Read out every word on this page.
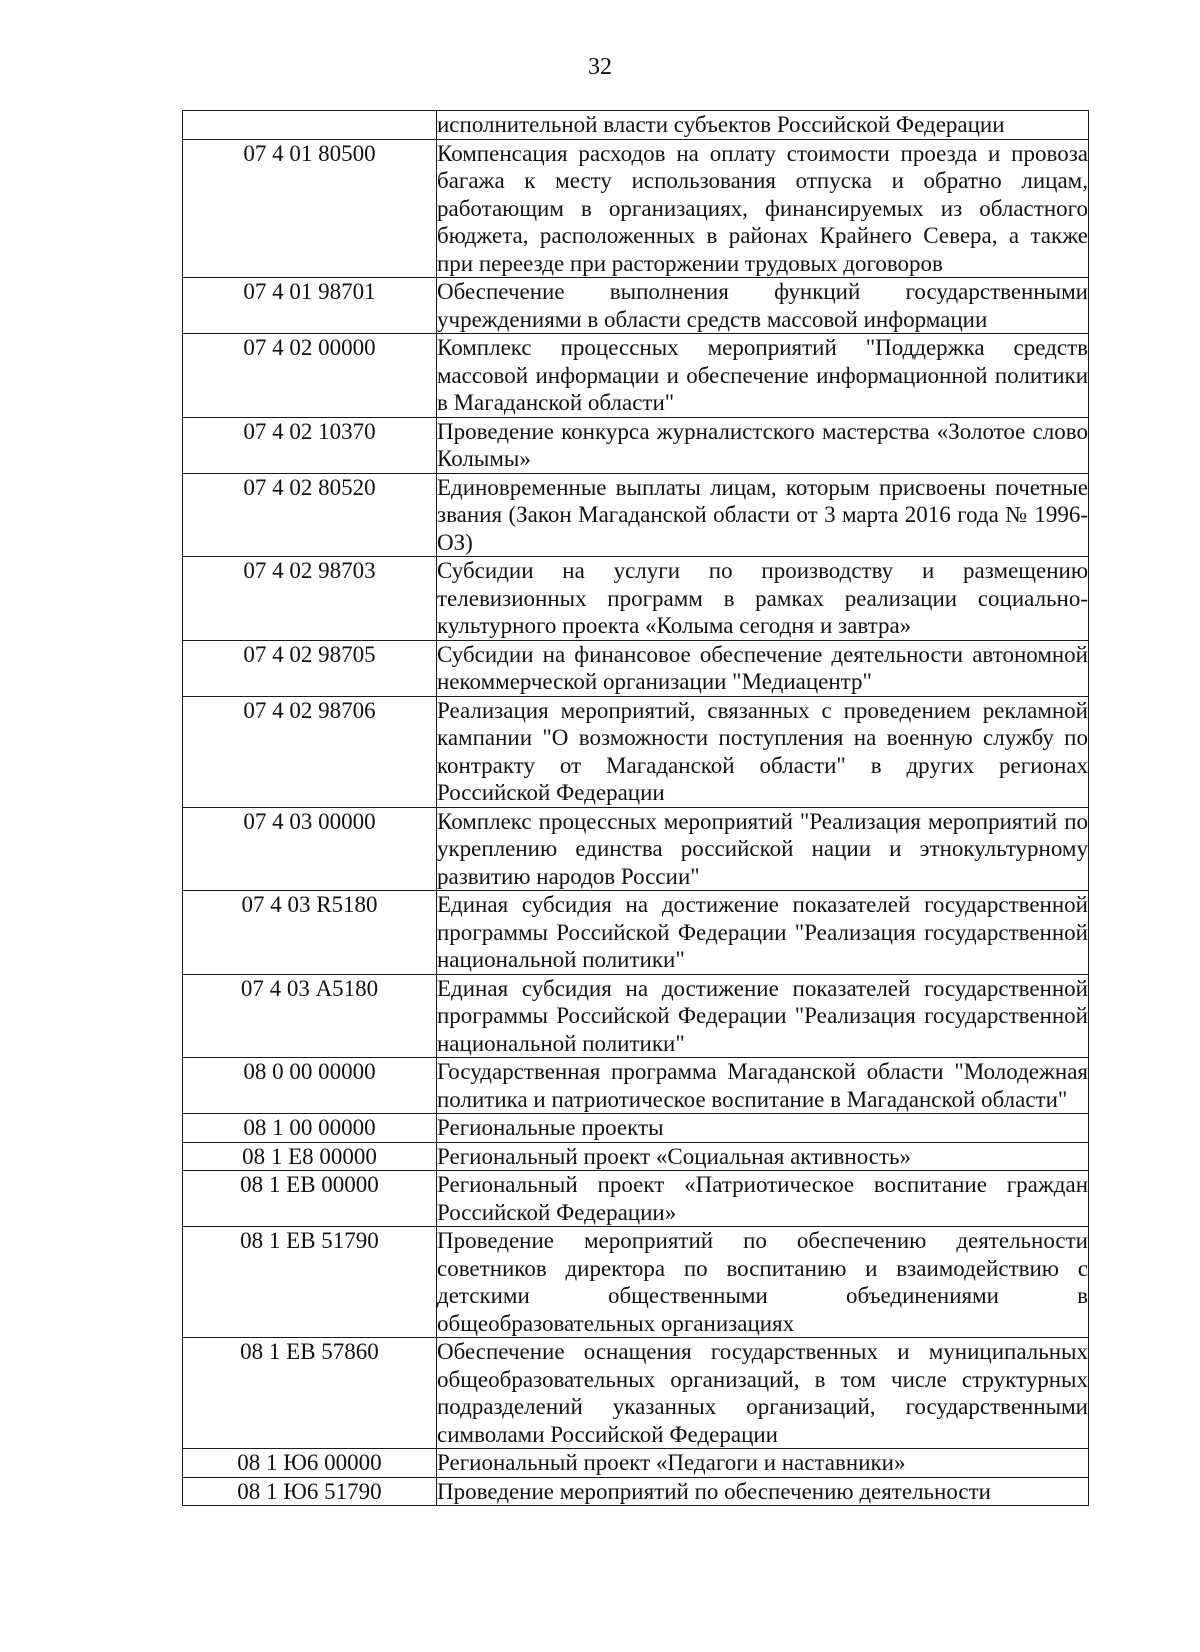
32
	исполнительной власти субъектов Российской Федерации
07 4 01 80500	Компенсация расходов на оплату стоимости проезда и провоза багажа к месту использования отпуска и обратно лицам, работающим в организациях, финансируемых из областного бюджета, расположенных в районах Крайнего Севера, а также при переезде при расторжении трудовых договоров
07 4 01 98701	Обеспечение выполнения функций государственными учреждениями в области средств массовой информации
07 4 02 00000	Комплекс процессных мероприятий "Поддержка средств массовой информации и обеспечение информационной политики в Магаданской области"
07 4 02 10370	Проведение конкурса журналистского мастерства «Золотое слово Колымы»
07 4 02 80520	Единовременные выплаты лицам, которым присвоены почетные звания (Закон Магаданской области от 3 марта 2016 года № 1996-ОЗ)
07 4 02 98703	Субсидии на услуги по производству и размещению телевизионных программ в рамках реализации социально-культурного проекта «Колыма сегодня и завтра»
07 4 02 98705	Субсидии на финансовое обеспечение деятельности автономной некоммерческой организации "Медиацентр"
07 4 02 98706	Реализация мероприятий, связанных с проведением рекламной кампании "О возможности поступления на военную службу по контракту от Магаданской области" в других регионах Российской Федерации
07 4 03 00000	Комплекс процессных мероприятий "Реализация мероприятий по укреплению единства российской нации и этнокультурному развитию народов России"
07 4 03 R5180	Единая субсидия на достижение показателей государственной программы Российской Федерации "Реализация государственной национальной политики"
07 4 03 А5180	Единая субсидия на достижение показателей государственной программы Российской Федерации "Реализация государственной национальной политики"
08 0 00 00000	Государственная программа Магаданской области "Молодежная политика и патриотическое воспитание в Магаданской области"
08 1 00 00000	Региональные проекты
08 1 Е8 00000	Региональный проект «Социальная активность»
08 1 ЕВ 00000	Региональный проект «Патриотическое воспитание граждан Российской Федерации»
08 1 ЕВ 51790	Проведение мероприятий по обеспечению деятельности советников директора по воспитанию и взаимодействию с детскими общественными объединениями в общеобразовательных организациях
08 1 ЕВ 57860	Обеспечение оснащения государственных и муниципальных общеобразовательных организаций, в том числе структурных подразделений указанных организаций, государственными символами Российской Федерации
08 1 Ю6 00000	Региональный проект «Педагоги и наставники»
08 1 Ю6 51790	Проведение мероприятий по обеспечению деятельности
